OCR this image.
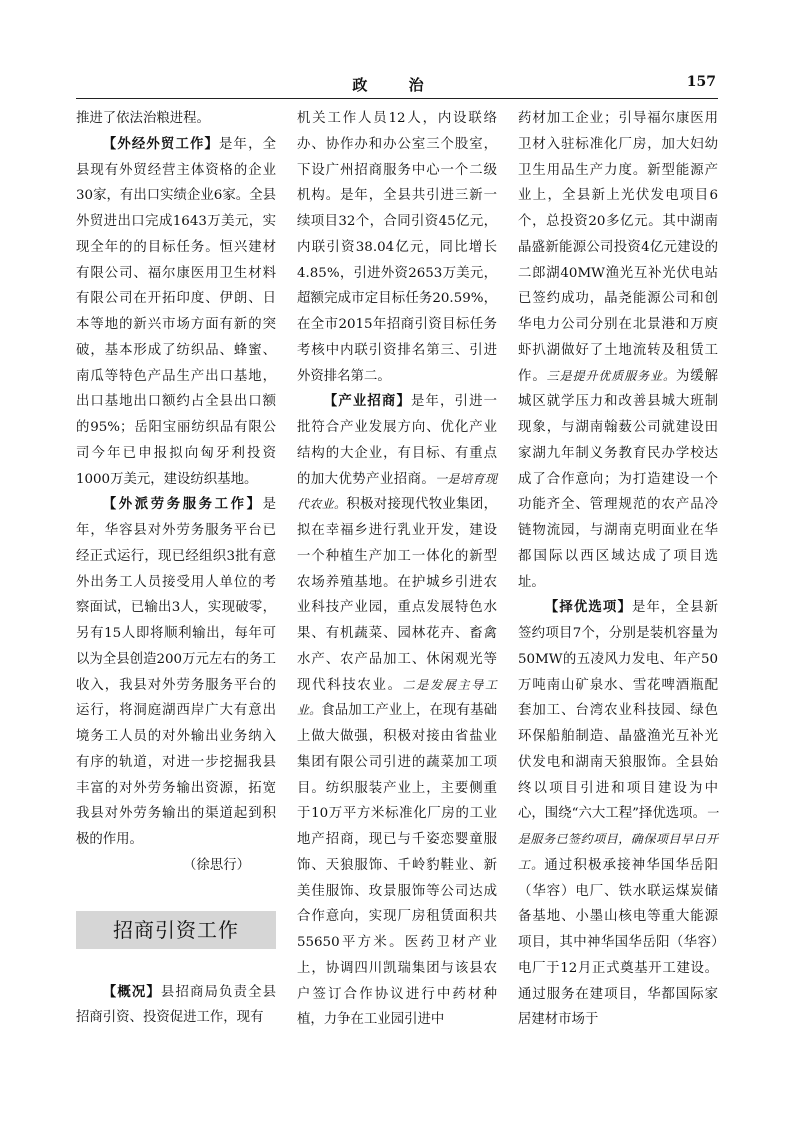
政 治	157

推进了依法治粮进程。

【外经外贸工作】是年，全县现有外贸经营主体资格的企业30家，有出口实绩企业6家。全县外贸进出口完成1643万美元，实现全年的的目标任务。恒兴建材有限公司、福尔康医用卫生材料有限公司在开拓印度、伊朗、日本等地的新兴市场方面有新的突破，基本形成了纺织品、蜂蜜、南瓜等特色产品生产出口基地，出口基地出口额约占全县出口额的95%；岳阳宝丽纺织品有限公司今年已申报拟向匈牙利投资1000万美元，建设纺织基地。

【外派劳务服务工作】是年，华容县对外劳务服务平台已经正式运行，现已经组织3批有意外出务工人员接受用人单位的考察面试，已输出3人，实现破零，另有15人即将顺利输出，每年可以为全县创造200万元左右的务工收入，我县对外劳务服务平台的运行，将洞庭湖西岸广大有意出境务工人员的对外输出业务纳入有序的轨道，对进一步挖掘我县丰富的对外劳务输出资源，拓宽我县对外劳务输出的渠道起到积极的作用。

（徐思行）

招商引资工作

【概况】县招商局负责全县招商引资、投资促进工作，现有

机关工作人员12人，内设联络办、协作办和办公室三个股室，下设广州招商服务中心一个二级机构。是年，全县共引进三新一续项目32个，合同引资45亿元，内联引资38.04亿元，同比增长4.85%，引进外资2653万美元，超额完成市定目标任务20.59%，在全市2015年招商引资目标任务考核中内联引资排名第三、引进外资排名第二。

【产业招商】是年，引进一批符合产业发展方向、优化产业结构的大企业，有目标、有重点的加大优势产业招商。一是培育现代农业。积极对接现代牧业集团，拟在幸福乡进行乳业开发，建设一个种植生产加工一体化的新型农场养殖基地。在护城乡引进农业科技产业园，重点发展特色水果、有机蔬菜、园林花卉、畜禽水产、农产品加工、休闲观光等现代科技农业。二是发展主导工业。食品加工产业上，在现有基础上做大做强，积极对接由省盐业集团有限公司引进的蔬菜加工项目。纺织服装产业上，主要侧重于10万平方米标准化厂房的工业地产招商，现已与千姿恋婴童服饰、天狼服饰、千岭豹鞋业、新美佳服饰、玫景服饰等公司达成合作意向，实现厂房租赁面积共55650平方米。医药卫材产业上，协调四川凯瑞集团与该县农户签订合作协议进行中药材种植，力争在工业园引进中

药材加工企业；引导福尔康医用卫材入驻标准化厂房，加大妇幼卫生用品生产力度。新型能源产业上，全县新上光伏发电项目6个，总投资20多亿元。其中湖南晶盛新能源公司投资4亿元建设的二郎湖40MW渔光互补光伏电站已签约成功，晶尧能源公司和创华电力公司分别在北景港和万庾虾扒湖做好了土地流转及租赁工作。三是提升优质服务业。为缓解城区就学压力和改善县城大班制现象，与湖南翰薮公司就建设田家湖九年制义务教育民办学校达成了合作意向；为打造建设一个功能齐全、管理规范的农产品冷链物流园，与湖南克明面业在华都国际以西区域达成了项目选址。

【择优选项】是年，全县新签约项目7个，分别是装机容量为50MW的五凌风力发电、年产50万吨南山矿泉水、雪花啤酒瓶配套加工、台湾农业科技园、绿色环保船舶制造、晶盛渔光互补光伏发电和湖南天狼服饰。全县始终以项目引进和项目建设为中心，围绕“六大工程”择优选项。一是服务已签约项目，确保项目早日开工。通过积极承接神华国华岳阳（华容）电厂、铁水联运煤炭储备基地、小墨山核电等重大能源项目，其中神华国华岳阳（华容）电厂于12月正式奠基开工建设。通过服务在建项目，华都国际家居建材市场于
